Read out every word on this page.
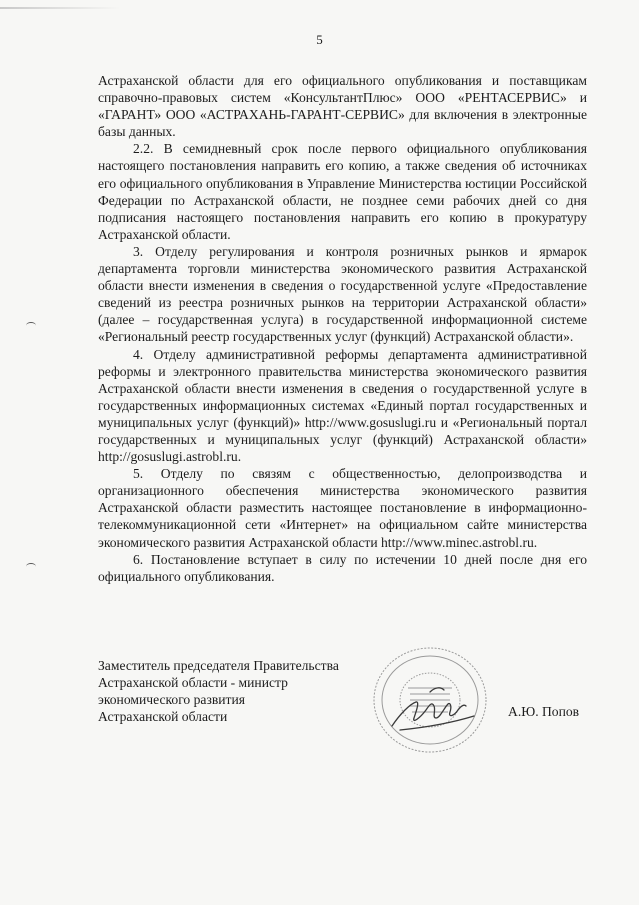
5

Астраханской области для его официального опубликования и поставщикам справочно-правовых систем «КонсультантПлюс» ООО «РЕНТАСЕРВИС» и «ГАРАНТ» ООО «АСТРАХАНЬ-ГАРАНТ-СЕРВИС» для включения в электронные базы данных.

2.2. В семидневный срок после первого официального опубликования настоящего постановления направить его копию, а также сведения об источниках его официального опубликования в Управление Министерства юстиции Российской Федерации по Астраханской области, не позднее семи рабочих дней со дня подписания настоящего постановления направить его копию в прокуратуру Астраханской области.

3. Отделу регулирования и контроля розничных рынков и ярмарок департамента торговли министерства экономического развития Астраханской области внести изменения в сведения о государственной услуге «Предоставление сведений из реестра розничных рынков на территории Астраханской области» (далее – государственная услуга) в государственной информационной системе «Региональный реестр государственных услуг (функций) Астраханской области».

4. Отделу административной реформы департамента административной реформы и электронного правительства министерства экономического развития Астраханской области внести изменения в сведения о государственной услуге в государственных информационных системах «Единый портал государственных и муниципальных услуг (функций)» http://www.gosuslugi.ru и «Региональный портал государственных и муниципальных услуг (функций) Астраханской области» http://gosuslugi.astrobl.ru.

5. Отделу по связям с общественностью, делопроизводства и организационного обеспечения министерства экономического развития Астраханской области разместить настоящее постановление в информационно-телекоммуникационной сети «Интернет» на официальном сайте министерства экономического развития Астраханской области http://www.minec.astrobl.ru.

6. Постановление вступает в силу по истечении 10 дней после дня его официального опубликования.

Заместитель председателя Правительства
Астраханской области - министр
экономического развития
Астраханской области	А.Ю. Попов
